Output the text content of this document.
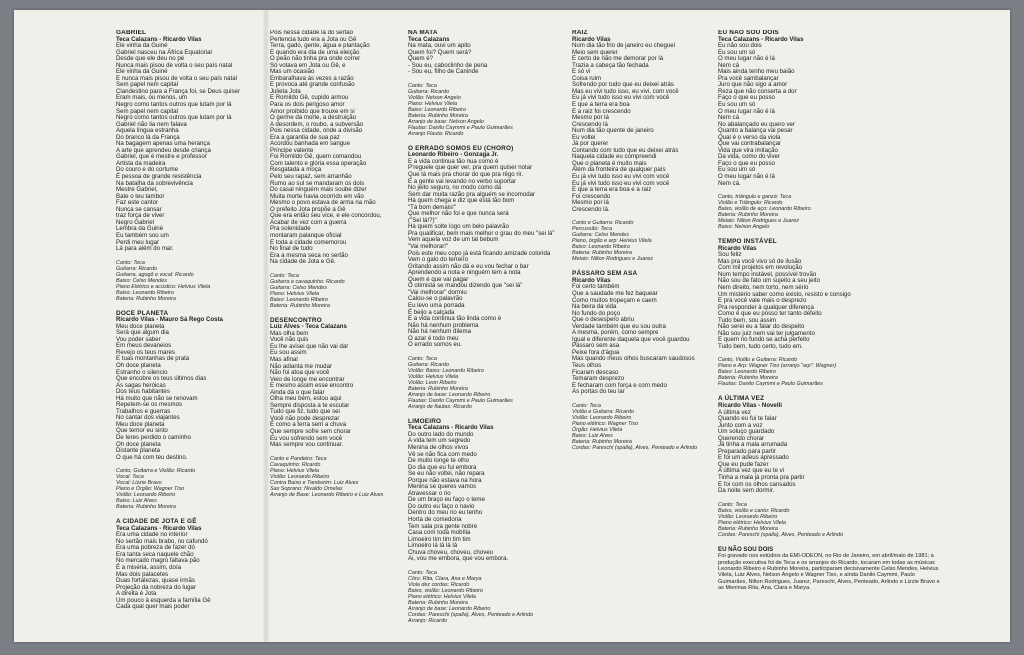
GABRIEL
Teca Calazans - Ricardo Vilas
Ele vinha da Guiné
Gabriel nasceu na África Equatorial
Desde que ele deu no pé
Nunca mais pisou de volta o seu país natal
Ele vinha da Guiné
E nunca mais pisou de volta o seu país natal
Sem papel nem capital
Clandestino para a França foi, se Deus quiser
Eram mais, ou menos, um
Negro como tantos outros que lutam por lá
Sem papel nem capital
Negro como tantos outros que lutam por lá
Gabriel não lia nem falava
Aquela língua estranha
Do branco lá da França
Na bagagem apenas uma herança
A arte que aprendeu desde criança
Gabriel, que é mestre e professor
Artista da madeira
Do couro e do cortume
É pessoa de grande resistência
Na batalha da sobrevivência
Mestre Gabriel,
Bate o teu tambor
Faz este cantor
Nunca se cansar
traz força de viver
Negro Gabriel
Lembra da Guiné
Eu também sou um
Perdi meu lugar
Lá para além do mar.
Canto: Teca
Guitarra: Ricardo
Guitarra, agogô e vocal: Ricardo
Baixo: Celso Mendes
Piano Elétrico e acústico: Helvius Vilela
Baixo: Leonardo Ribeiro
Bateria: Rubinho Moreira
DOCE PLANETA
Ricardo Vilas - Mauro Sá Rego Costa
Meu doce planeta
Será que algum dia
Vou poder saber
Em meus devaneios
Revejo os teus mares
E tuas montanhas de prata
Oh doce planeta
Estranho o silencio
Que encobre os teus últimos dias
As sagas heróicas
Dos teus habitantes
Há muito que não se renovam
Repetem-se os mesmos
Trabalhos e guerras
No cantar dos viajantes
Meu doce planeta
Que temor eu sinto
De teres perdido o caminho
Oh doce planeta
Distante planeta
O que há com teu destino.
Canto, Guitarra e Violão: Ricardo
Vocal: Teca
Vocal: Lizzie Bravo
Piano e Órgão: Wagner Tiso
Violão: Leonardo Ribeiro
Baixo: Luiz Alves
Bateria: Rubinho Moreira
A CIDADE DE JOTA E GÊ
Teca Calazans - Ricardo Vilas
Era uma cidade no interior
No sertão mais brabo, no cafundó
Era uma pobreza de fazer dó
Era tanta seca naquele chão
No mercado magro faltava pão
É a miséria, assim, doía
Mas dois palacetes
Duas fortalezas, quase irmãs
Projeção da nobreza do lugar
A direita é Jota
Um pouco à esquerda a família Gê
Cada qual quer mais poder
Pois nessa cidade lá do sertão
Pertencia tudo era a Jota ou Gê
Terra, gado, gente, água e plantação
E quando era dia de uma eleição
O peão não tinha pra onde correr
Só votava em Jota ou Gê, e
Mas um ocasião
Embaralhava ás vezes a razão
E provoca até grande confusão
Julieta Jota
E Romildo Gê, cupido armou
Para os dois perigoso amor
Amor proibido que trouxe em si
O germe da morte, a destruição
A desordem, o roubo, a subversão
Pois nessa cidade, onde a divisão
Era a garantia de sua paz
Acordou banhada em sangue
Principe valente
Foi Romildo Gê, quem comandou
Com talento e glória essa operação
Resgatada a moça
Pelo seu rapaz, sem arranhão
Rumo ao sul se mandaram os dois
Do casal ninguém mais soube dizer
Muita morte havia ocorrido em vão
Mesmo o povo estava de arma na mão
O prefeito Jota propõe a Gê
Que era então seu vice, e ele concordou,
Acabar de vez com a guerra
Pra solenidade
montaram palanque oficial
E toda a cidade comemorou
No final de tudo
Era a mesma seca no sertão
Na cidade de Jota e Gê.
Canto: Teca
Guitarra e cavaquinho: Ricardo
Guitarra: Celso Mendes
Piano: Helvius Vilela
Baixo: Leonardo Ribeiro
Bateria: Rubinho Moreira
DESENCONTRO
Luiz Alves - Teca Calazans
Mas olha bem
Você não quis
Eu lhe avisei que não vai dar
Eu sou assim
Mas afinal
Não adianta me mudar
Não foi atoa que você
Veio de longe me encontrar
E mesmo assim esse encontro
Ainda dá o que falar
Olha meu bem, estou aqui
Sempre disposta a te escutar
Tudo que fiz, tudo que sei
Você não pode desprezar
É como a terra sem a chuva
Que sempre sofre sem chorar
Eu vou sofrendo sem você
Mas sempre vou continuar.
Canto e Pandeiro: Teca
Cavaquinho: Ricardo
Piano: Helvius Vilela
Violão: Leonardo Ribeiro
Contra Baixo e Tamborim: Luiz Alves
Sax Soprano: Nivaldo Ornelas
Arranjo de Base: Leonardo Ribeiro e Luiz Alves
NA MATA
Teca Calazans
Na mata, ouvi um apito
Quem foi? Quem será?
Quem é?
- Sou eu, caboclinho de pena
- Sou eu, filho de Caninde
Canto: Teca
Guitarra: Ricardo
Violão: Nelson Angelo
Piano: Helvius Vilela
Baixo: Leonardo Ribeiro
Bateria: Rubinho Moreira
Arranjo de base: Nelson Angelo
Flautas: Danilo Caymmi e Paulo Guimarães
Arranjo Flauta: Ricardo
O ERRADO SOMOS EU (CHORO)
Leonardo Ribeiro - Gonzaga Jr.
E a vida continua tão nua como é
P'reguele que quer ver, pra quem quiser notar
Que lá mais pra chorar do que pra rêgo rir.
E a gente vai levando no verbo suportar
No jeito seguro, no modo como dá
Sem dar muita razão pra alguém se incomodar
Há quem chega e diz que está tão bom
"Tá bom demais!"
Que melhor não foi e que nunca será
("Sei lá!?)"
Há quem solte logo um belo palavrão
Pra qualificar, bem mais melhor o grau do meu "sei lá"
Vem aquela voz de um tal bebum
"Vai melhorar!"
Pois este meu copo já está ficando amizade colorida
Vem o galo do terreiro
Gritando assim não dá e eu vou fechar o bar
Aprendendo a nota e ninguém tem a nota
Quem é que vai pagar
O otimista se mandou dizendo que "sei lá"
"Vai melhorar" dormiu
Calou-se o palavrão
Eu levo uma porrada
É beijo a calçada
E a vida continua tão linda como é
Não há nenhum problema
Não há nenhum dilema
O azar é todo meu
O errado somos eu.
Canto: Teca
Guitarra: Ricardo
Violão: Baixo: Leonardo Ribeiro
Violão: Helvius Vilela
Violão: Leon Ribeiro
Bateria: Rubinho Moreira
Arranjo de base: Leonardo Ribeiro
Flautas: Danilo Caymmi e Paulo Guimarães
Arranjo de flautas: Ricardo
LIMOEIRO
Teca Calazans - Ricardo Vilas
Do outro lado do mundo
A vida tem um segredo
Menina de olhos vivos
Vê se não fica com medo
De muito longe te olho
Do dia que eu fui embora
Se eu não voltei, não repara
Porque não estava na hora
Menina se queres vamos
Atravessar o rio
De um braço eu faço o teme
Do outro eu faço o navio
Dentro do meu rio eu tenho
Horta de comedoria
Tem sala pra gente nobre
Casa com toda mobília
Limoeiro tim tim tim tim
Limoeiro lá lá lá lá
Chuva choveu, choveu, choveu
Ai, vou me embora, que vou embora.
Canto: Teca
Côro: Rita, Clara, Ana e Marya
Viola dez cordas: Ricardo
Baixo, violão: Leonardo Ribeiro
Piano elétrico: Helvius Vilela
Bateria: Rubinho Moreira
Arranjo de base: Leonardo Ribeiro
Cordas: Pareschi (spalla), Alves, Penteado e Arlindo
Arranjo: Ricardo
RAIZ
Ricardo Vilas
Num dia tão frio de janeiro eu cheguei
Meio sem querer
E certo de não me demorar por lá
Trazia a cabeça tão fechada
E só vi
Coisa ruim
Sofrendo por tudo que eu deixei atrás
Mas eu vivi tudo isso, eu vivi, com você
Eu já vivi tudo isso eu vivi com você
E que a terra era boa
E a raiz foi crescendo
Mesmo por lá
Crescendo lá
Num dia tão quente de janeiro
Eu voltei
Já por querer
Contando com tudo que eu deixei atrás
Naquela cidade eu compreendi
Que o planeta é muito mais
Além da fronteira de qualquer país
Eu já vivi tudo isso eu vivi com você
Eu já vivi tudo isso eu vivi com você
E que a terra era boa e a raiz
Foi crescendo
Mesmo por lá
Crescendo lá.
Canto e Guitarra: Ricardo
Percussão: Teca
Guitarra: Celso Mendes
Piano, órgão e arp: Helvius Vilela
Baixo: Leonardo Ribeiro
Bateria: Rubinho Moreira
Metais: Nilton Rodrigues e Juarez
PÁSSARO SEM ASA
Ricardo Vilas
Foi certo também
Que a saudade me fez baquear
Como muitos tropeçam e caem
Na beira da vida
No fundo do poço
Que o desespero abriu
Verdade também que eu sou outra
A mesma, porém, como sempre
Igual e diferente daquela que você guardou
Pássaro sem asa
Peixe fora d'água
Mas quando meus olhos buscaram saudosos
Teus olhos
Ficaram descaso
Temaram desprezo
E fecharam com força e com medo
As portas do teu lar
Canto: Teca
Violão e Guitarra: Ricardo
Violão: Leonardo Ribeiro
Piano elétrico: Wagner Tiso
Órgão: Helvius Vilela
Baixo: Luiz Alves
Bateria: Rubinho Moreira
Cordas: Pareschi (spalla), Alves, Penteado e Arlindo
EU NÃO SOU DOIS
Teca Calazans - Ricardo Vilas
Eu não sou dois
Eu sou um só
O meu lugar não é lá
Nem cá
Mais ainda tenho meu baião
Pra você sambalançar
Juro que não sigo a amor
Reza que não conserta a dor
Faço o que eu posso
Eu sou um só
O meu lugar não é lá
Nem cá
No abalançado eu quero ver
Quanto a balança vai pesar
Qual é o verso da viola
Que vai contrabalançar
Vida que vira imitação
Da vida, como do viver
Faço o que eu posso
Eu sou um só
O meu lugar não é lá
Nem cá.
Canto, triângulo e ganzá: Teca
Violão e Triângulo: Ricardo
Baixo, violão de aço: Leonardo Ribeiro
Bateria: Rubinho Moreira
Metais: Nilton Rodrigues e Juarez
Baixo: Nelson Angelo
TEMPO INSTÁVEL
Ricardo Vilas
Sou feliz
Mas pra você vivo só de ilusão
Com mil projetos em revolução
Num tempo instável, possível trovão
Não sou de fato um sujeito a seu jeito
Nem direito, nem torto, nem sério
Um mistério saber como existo, resisto e consigo
E pra você vale mais o desprezo
Pra responder à qualquer diferença
Como é que eu posso ter tanto defeito
Tudo bem, sou assim
Não serei eu a falar do despeito
Não sou juiz nem vai ter julgamento
E quem no fundo se acha perfeito
Tudo bem, tudo certo, tudo em.
Canto, Violão e Guitarra: Ricardo
Piano e Arp: Wagner Tiso (arranjo "arp": Wagner)
Baixo: Leonardo Ribeiro
Bateria: Rubinho Moreira
Flautas: Danilo Caymmi e Paulo Guimarães
A ÚLTIMA VEZ
Ricardo Vilas - Novelli
A última vez
Quando eu fui te falar
Junto com a voz
Um soluço guardado
Querendo chorar
Já tinha a mala arrumada
Preparado para partir
E foi um adeus apressado
Que eu pude fazer
A última vez que eu te vi
Tinha a mala já pronta pra partir
E foi com os olhos cansados
Da noite sem dormir.
Canto: Teca
Baixo, violão e canto: Ricardo
Violão: Leonardo Ribeiro
Piano elétrico: Helvius Vilela
Bateria: Rubinho Moreira
Cordas: Pareschi (spalla), Alves, Penteado e Arlindo
EU NÃO SOU DOIS
Foi gravado nos estúdios da EMI-ODEON, no Rio de Janeiro, em abril/maio de 1981; a produção executiva foi de Teca e os arranjos do Ricardo, tocaram em todas as músicas Leonardo Ribeiro e Rubinho Moreira, participaram decisivamente Celso Mendes, Helvius Vilela, Luiz Alves, Nelson Angelo e Wagner Tiso, e ainda Danilo Caymmi, Paulo Guimarães, Nilton Rodrigues, Juarez, Pareschi, Alves, Penteado, Arlindo e Lizzie Bravo e as Meninas Rita, Ana, Clara e Marya.
